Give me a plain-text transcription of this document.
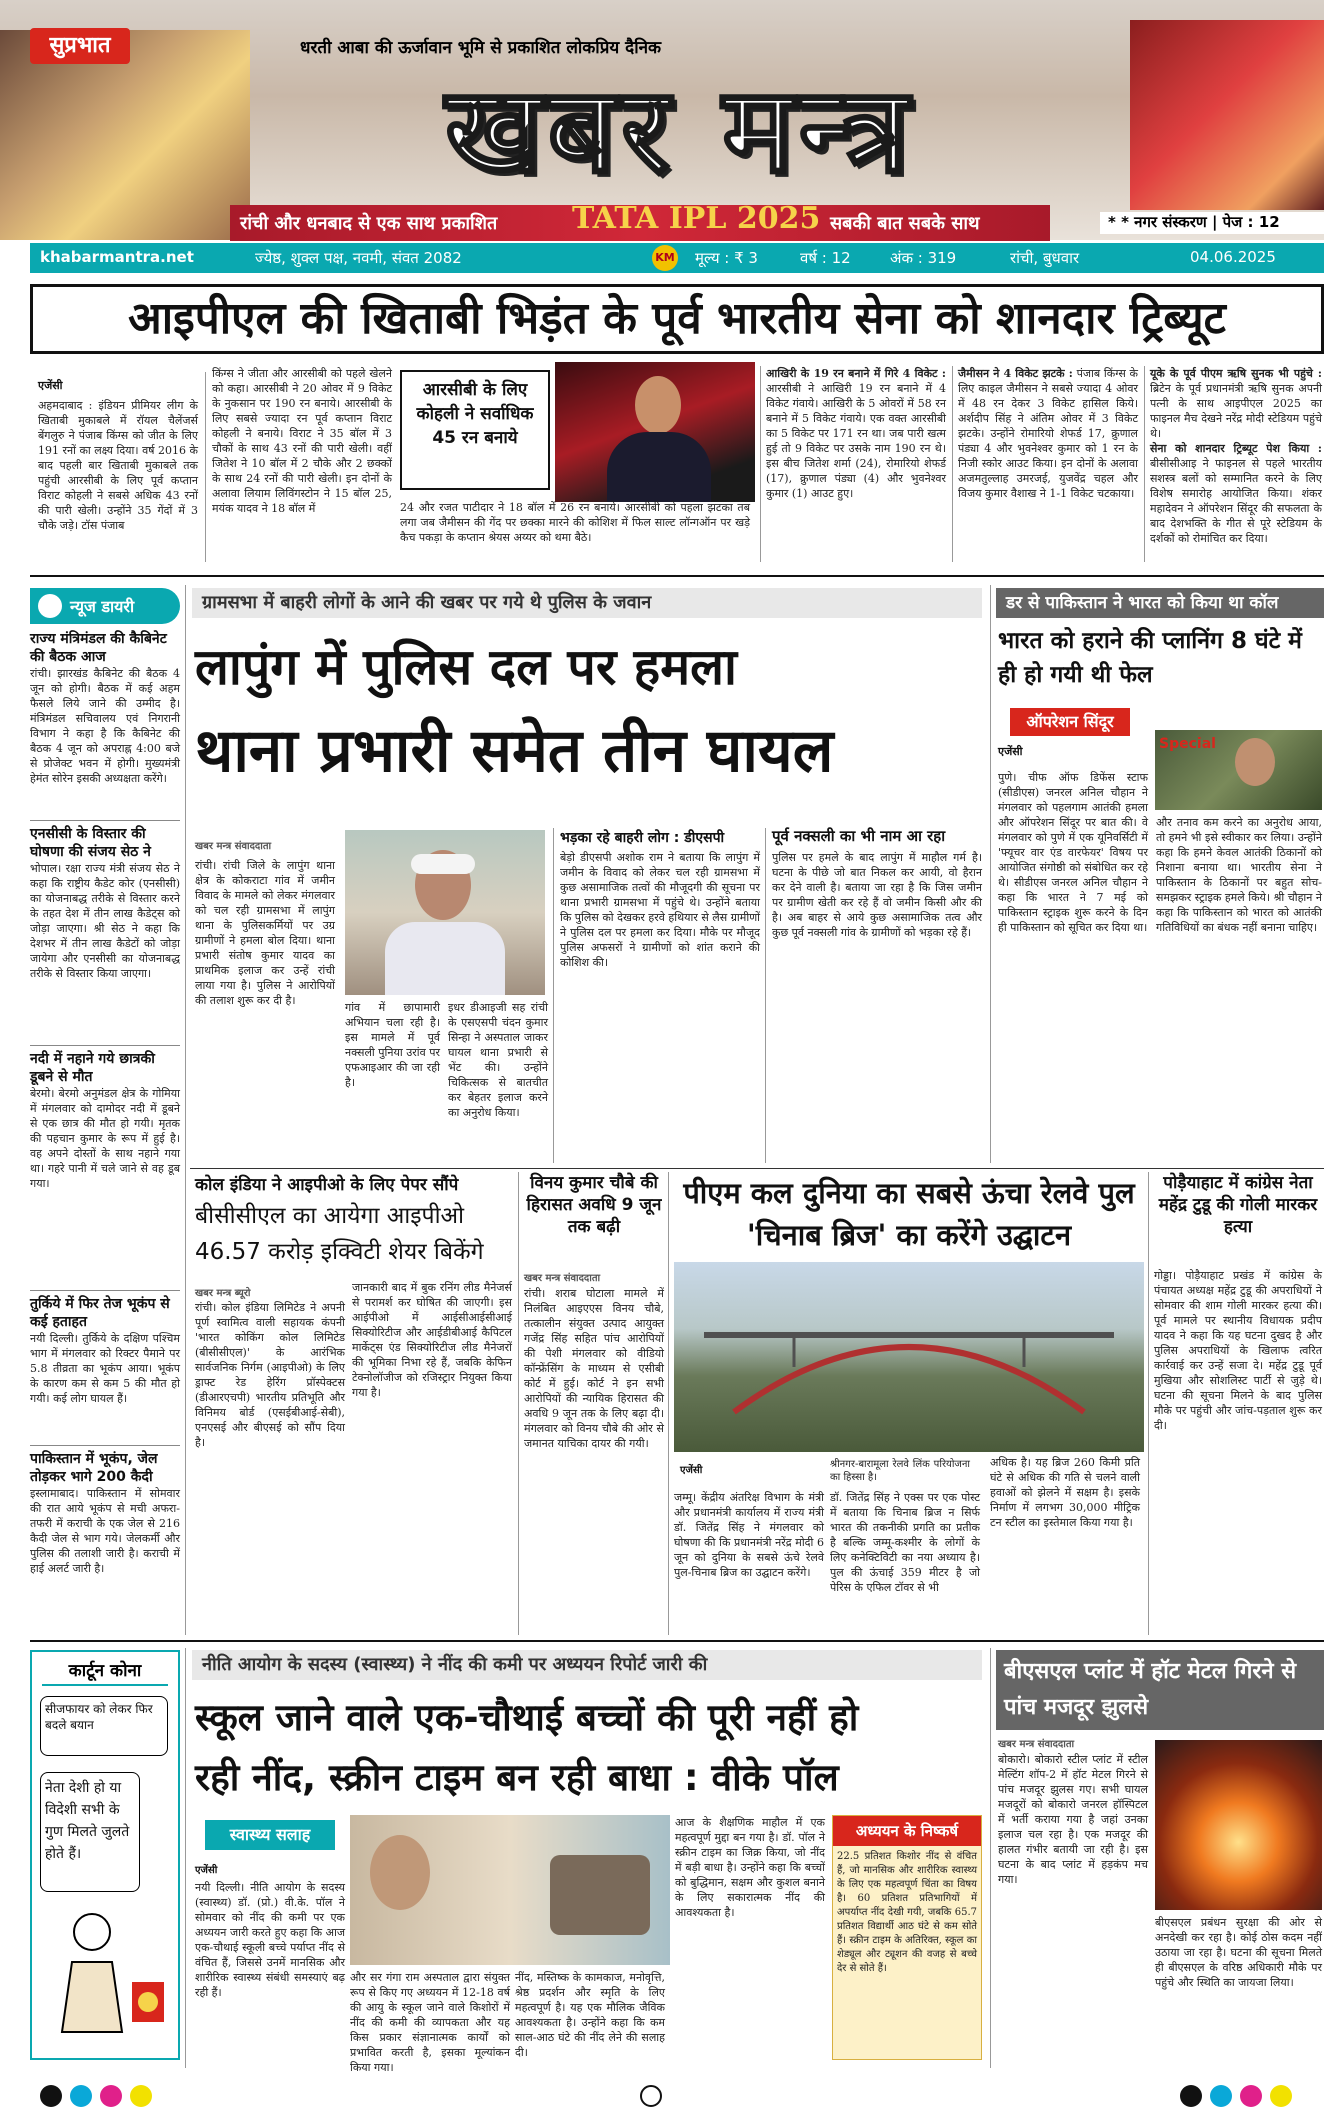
सुप्रभात	धरती आबा की ऊर्जावान भूमि से प्रकाशित लोकप्रिय दैनिक
खबर मन्त्र
रांची और धनबाद से एक साथ प्रकाशित TATA IPL 2025 सबकी बात सबके साथ	* * नगर संस्करण | पेज : 12
khabarmantra.net	ज्येष्ठ, शुक्ल पक्ष, नवमी, संवत 2082	KM मूल्य : ₹ 3	वर्ष : 12	अंक : 319	रांची, बुधवार	04.06.2025
आइपीएल की खिताबी भिड़ंत के पूर्व भारतीय सेना को शानदार ट्रिब्यूट
एजेंसी
अहमदाबाद : इंडियन प्रीमियर लीग के खिताबी मुकाबले में रॉयल चैलेंजर्स बेंगलुरु ने पंजाब किंग्स को जीत के लिए 191 रनों का लक्ष्य दिया। वर्ष 2016 के बाद पहली बार खिताबी मुकाबले तक पहुंची आरसीबी के लिए पूर्व कप्तान विराट कोहली ने सबसे अधिक 43 रनों की पारी खेली। उन्होंने 35 गेंदों में 3 चौके जड़े। टॉस पंजाब
किंग्स ने जीता और आरसीबी को पहले खेलने को कहा। आरसीबी ने 20 ओवर में 9 विकेट के नुकसान पर 190 रन बनाये। आरसीबी के लिए सबसे ज्यादा रन पूर्व कप्तान विराट कोहली ने बनाये। विराट ने 35 बॉल में 3 चौकों के साथ 43 रनों की पारी खेली। वहीं जितेश ने 10 बॉल में 2 चौके और 2 छक्कों के साथ 24 रनों की पारी खेली। इन दोनों के अलावा लियाम लिविंगस्टोन ने 15 बॉल 25, मयंक यादव ने 18 बॉल में
आरसीबी के लिए कोहली ने सर्वाधिक 45 रन बनाये
24 और रजत पाटीदार ने 18 बॉल में 26 रन बनाये। आरसीबी को पहला झटका तब लगा जब जैमीसन की गेंद पर छक्का मारने की कोशिश में फिल साल्ट लॉन्गऑन पर खड़े कैच पकड़ा के कप्तान श्रेयस अय्यर को थमा बैठे।
आखिरी के 19 रन बनाने में गिरे 4 विकेट : आरसीबी ने आखिरी 19 रन बनाने में 4 विकेट गंवाये। आखिरी के 5 ओवरों में 58 रन बनाने में 5 विकेट गंवाये। एक वक्त आरसीबी का 5 विकेट पर 171 रन था। जब पारी खत्म हुई तो 9 विकेट पर उसके नाम 190 रन थे। इस बीच जितेश शर्मा (24), रोमारियो शेफर्ड (17), क्रुणाल पंड्या (4) और भुवनेश्वर कुमार (1) आउट हुए।
जैमीसन ने 4 विकेट झटके : पंजाब किंग्स के लिए काइल जैमीसन ने सबसे ज्यादा 4 ओवर में 48 रन देकर 3 विकेट हासिल किये। अर्शदीप सिंह ने अंतिम ओवर में 3 विकेट झटके। उन्होंने रोमारियो शेफर्ड 17, क्रुणाल पंड्या 4 और भुवनेश्वर कुमार को 1 रन के निजी स्कोर आउट किया। इन दोनों के अलावा अजमतुल्लाह उमरजई, युजवेंद्र चहल और विजय कुमार वैशाख ने 1-1 विकेट चटकाया।
यूके के पूर्व पीएम ऋषि सुनक भी पहुंचे : ब्रिटेन के पूर्व प्रधानमंत्री ऋषि सुनक अपनी पत्नी के साथ आइपीएल 2025 का फाइनल मैच देखने नरेंद्र मोदी स्टेडियम पहुंचे थे।
सेना को शानदार ट्रिब्यूट पेश किया : बीसीसीआइ ने फाइनल से पहले भारतीय सशस्त्र बलों को सम्मानित करने के लिए विशेष समारोह आयोजित किया। शंकर महादेवन ने ऑपरेशन सिंदूर की सफलता के बाद देशभक्ति के गीत से पूरे स्टेडियम के दर्शकों को रोमांचित कर दिया।
न्यूज डायरी
राज्य मंत्रिमंडल की कैबिनेट की बैठक आज
रांची। झारखंड कैबिनेट की बैठक 4 जून को होगी। बैठक में कई अहम फैसले लिये जाने की उम्मीद है। मंत्रिमंडल सचिवालय एवं निगरानी विभाग ने कहा है कि कैबिनेट की बैठक 4 जून को अपराह्न 4:00 बजे से प्रोजेक्ट भवन में होगी। मुख्यमंत्री हेमंत सोरेन इसकी अध्यक्षता करेंगे।
एनसीसी के विस्तार की घोषणा की संजय सेठ ने
भोपाल। रक्षा राज्य मंत्री संजय सेठ ने कहा कि राष्ट्रीय कैडेट कोर (एनसीसी) का योजनाबद्ध तरीके से विस्तार करने के तहत देश में तीन लाख कैडेट्स को जोड़ा जाएगा। श्री सेठ ने कहा कि देशभर में तीन लाख कैडेटों को जोड़ा जायेगा और एनसीसी का योजनाबद्ध तरीके से विस्तार किया जाएगा।
नदी में नहाने गये छात्रकी डूबने से मौत
बेरमो। बेरमो अनुमंडल क्षेत्र के गोमिया में मंगलवार को दामोदर नदी में डूबने से एक छात्र की मौत हो गयी। मृतक की पहचान कुमार के रूप में हुई है। वह अपने दोस्तों के साथ नहाने गया था। गहरे पानी में चले जाने से वह डूब गया।
तुर्किये में फिर तेज भूकंप से कई हताहत
नयी दिल्ली। तुर्किये के दक्षिण पश्चिम भाग में मंगलवार को रिक्टर पैमाने पर 5.8 तीव्रता का भूकंप आया। भूकंप के कारण कम से कम 5 की मौत हो गयी। कई लोग घायल हैं।
पाकिस्तान में भूकंप, जेल तोड़कर भागे 200 कैदी
इस्लामाबाद। पाकिस्तान में सोमवार की रात आये भूकंप से मची अफरा-तफरी में कराची के एक जेल से 216 कैदी जेल से भाग गये। जेलकर्मी और पुलिस की तलाशी जारी है। कराची में हाई अलर्ट जारी है।
ग्रामसभा में बाहरी लोगों के आने की खबर पर गये थे पुलिस के जवान
लापुंग में पुलिस दल पर हमला
थाना प्रभारी समेत तीन घायल
खबर मन्त्र संवाददाता
रांची। रांची जिले के लापुंग थाना क्षेत्र के कोकराटा गांव में जमीन विवाद के मामले को लेकर मंगलवार को चल रही ग्रामसभा में लापुंग थाना के पुलिसकर्मियों पर उग्र ग्रामीणों ने हमला बोल दिया। थाना प्रभारी संतोष कुमार यादव का प्राथमिक इलाज कर उन्हें रांची लाया गया है। पुलिस ने आरोपियों की तलाश शुरू कर दी है।
गांव में छापामारी अभियान चला रही है। इस मामले में पूर्व नक्सली पुनिया उरांव पर एफआइआर की जा रही है।
इधर डीआइजी सह रांची के एसएसपी चंदन कुमार सिन्हा ने अस्पताल जाकर घायल थाना प्रभारी से भेंट की। उन्होंने चिकित्सक से बातचीत कर बेहतर इलाज करने का अनुरोध किया।
भड़का रहे बाहरी लोग : डीएसपी
बेड़ो डीएसपी अशोक राम ने बताया कि लापुंग में जमीन के विवाद को लेकर चल रही ग्रामसभा में कुछ असामाजिक तत्वों की मौजूदगी की सूचना पर थाना प्रभारी ग्रामसभा में पहुंचे थे। उन्होंने बताया कि पुलिस को देखकर हरवे हथियार से लैस ग्रामीणों ने पुलिस दल पर हमला कर दिया। मौके पर मौजूद पुलिस अफसरों ने ग्रामीणों को शांत कराने की कोशिश की।
पूर्व नक्सली का भी नाम आ रहा
पुलिस पर हमले के बाद लापुंग में माहौल गर्म है। घटना के पीछे जो बात निकल कर आयी, वो हैरान कर देने वाली है। बताया जा रहा है कि जिस जमीन पर ग्रामीण खेती कर रहे हैं वो जमीन किसी और की है। अब बाहर से आये कुछ असामाजिक तत्व और कुछ पूर्व नक्सली गांव के ग्रामीणों को भड़का रहे हैं।
डर से पाकिस्तान ने भारत को किया था कॉल
भारत को हराने की प्लानिंग 8 घंटे में ही हो गयी थी फेल
ऑपरेशन सिंदूर
एजेंसी	Special
पुणे। चीफ ऑफ डिफेंस स्टाफ (सीडीएस) जनरल अनिल चौहान ने मंगलवार को पहलगाम आतंकी हमला और ऑपरेशन सिंदूर पर बात की। वे मंगलवार को पुणे में एक यूनिवर्सिटी में 'फ्यूचर वार एंड वारफेयर' विषय पर आयोजित संगोष्ठी को संबोधित कर रहे थे। सीडीएस जनरल अनिल चौहान ने कहा कि भारत ने 7 मई को पाकिस्तान स्ट्राइक शुरू करने के दिन ही पाकिस्तान को सूचित कर दिया था।
और तनाव कम करने का अनुरोध आया, तो हमने भी इसे स्वीकार कर लिया। उन्होंने कहा कि हमने केवल आतंकी ठिकानों को निशाना बनाया था। भारतीय सेना ने पाकिस्तान के ठिकानों पर बहुत सोच-समझकर स्ट्राइक हमले किये। श्री चौहान ने कहा कि पाकिस्तान को भारत को आतंकी गतिविधियों का बंधक नहीं बनाना चाहिए।
कोल इंडिया ने आइपीओ के लिए पेपर सौंपे
बीसीसीएल का आयेगा आइपीओ 46.57 करोड़ इक्विटी शेयर बिकेंगे
खबर मन्त्र ब्यूरो
रांची। कोल इंडिया लिमिटेड ने अपनी पूर्ण स्वामित्व वाली सहायक कंपनी 'भारत कोकिंग कोल लिमिटेड (बीसीसीएल)' के आरंभिक सार्वजनिक निर्गम (आइपीओ) के लिए ड्राफ्ट रेड हेरिंग प्रॉस्पेक्टस (डीआरएचपी) भारतीय प्रतिभूति और विनिमय बोर्ड (एसईबीआई-सेबी), एनएसई और बीएसई को सौंप दिया है।
जानकारी बाद में बुक रनिंग लीड मैनेजर्स से परामर्श कर घोषित की जाएगी। इस आईपीओ में आईसीआईसीआई सिक्योरिटीज और आईडीबीआई कैपिटल मार्केट्स एंड सिक्योरिटीज लीड मैनेजरों की भूमिका निभा रहे हैं, जबकि केफिन टेक्नोलॉजीज को रजिस्ट्रार नियुक्त किया गया है।
विनय कुमार चौबे की हिरासत अवधि 9 जून तक बढ़ी
खबर मन्त्र संवाददाता
रांची। शराब घोटाला मामले में निलंबित आइएएस विनय चौबे, तत्कालीन संयुक्त उत्पाद आयुक्त गजेंद्र सिंह सहित पांच आरोपियों की पेशी मंगलवार को वीडियो कॉन्फ्रेंसिंग के माध्यम से एसीबी कोर्ट में हुई। कोर्ट ने इन सभी आरोपियों की न्यायिक हिरासत की अवधि 9 जून तक के लिए बढ़ा दी। मंगलवार को विनय चौबे की ओर से जमानत याचिका दायर की गयी।
पीएम कल दुनिया का सबसे ऊंचा रेलवे पुल 'चिनाब ब्रिज' का करेंगे उद्घाटन
एजेंसी
श्रीनगर-बारामूला रेलवे लिंक परियोजना का हिस्सा है।
जम्मू। केंद्रीय अंतरिक्ष विभाग के मंत्री और प्रधानमंत्री कार्यालय में राज्य मंत्री डॉ. जितेंद्र सिंह ने मंगलवार को घोषणा की कि प्रधानमंत्री नरेंद्र मोदी 6 जून को दुनिया के सबसे ऊंचे रेलवे पुल-चिनाब ब्रिज का उद्घाटन करेंगे।
डॉ. जितेंद्र सिंह ने एक्स पर एक पोस्ट में बताया कि चिनाब ब्रिज न सिर्फ भारत की तकनीकी प्रगति का प्रतीक है बल्कि जम्मू-कश्मीर के लोगों के लिए कनेक्टिविटी का नया अध्याय है। पुल की ऊंचाई 359 मीटर है जो पेरिस के एफिल टॉवर से भी
अधिक है। यह ब्रिज 260 किमी प्रति घंटे से अधिक की गति से चलने वाली हवाओं को झेलने में सक्षम है। इसके निर्माण में लगभग 30,000 मीट्रिक टन स्टील का इस्तेमाल किया गया है।
पोड़ैयाहाट में कांग्रेस नेता महेंद्र टुडू की गोली मारकर हत्या
गोड्डा। पोड़ैयाहाट प्रखंड में कांग्रेस के पंचायत अध्यक्ष महेंद्र टुडू की अपराधियों ने सोमवार की शाम गोली मारकर हत्या की। पूर्व मामले पर स्थानीय विधायक प्रदीप यादव ने कहा कि यह घटना दुखद है और पुलिस अपराधियों के खिलाफ त्वरित कार्रवाई कर उन्हें सजा दे। महेंद्र टुडू पूर्व मुखिया और सोशलिस्ट पार्टी से जुड़े थे। घटना की सूचना मिलने के बाद पुलिस मौके पर पहुंची और जांच-पड़ताल शुरू कर दी।
कार्टून कोना
सीजफायर को लेकर फिर बदले बयान
नेता देशी हो या विदेशी सभी के गुण मिलते जुलते होते हैं।
नीति आयोग के सदस्य (स्वास्थ्य) ने नींद की कमी पर अध्ययन रिपोर्ट जारी की
स्कूल जाने वाले एक-चौथाई बच्चों की पूरी नहीं हो
रही नींद, स्क्रीन टाइम बन रही बाधा : वीके पॉल
स्वास्थ्य सलाह
एजेंसी
नयी दिल्ली। नीति आयोग के सदस्य (स्वास्थ्य) डॉ. (प्रो.) वी.के. पॉल ने सोमवार को नींद की कमी पर एक अध्ययन जारी करते हुए कहा कि आज एक-चौथाई स्कूली बच्चे पर्याप्त नींद से वंचित हैं, जिससे उनमें मानसिक और शारीरिक स्वास्थ्य संबंधी समस्याएं बढ़ रही हैं।
और सर गंगा राम अस्पताल द्वारा संयुक्त रूप से किए गए अध्ययन में 12-18 वर्ष की आयु के स्कूल जाने वाले किशोरों में नींद की कमी की व्यापकता और यह किस प्रकार संज्ञानात्मक कार्यों को प्रभावित करती है, इसका मूल्यांकन किया गया।
नींद, मस्तिष्क के कामकाज, मनोवृत्ति, श्रेष्ठ प्रदर्शन और स्मृति के लिए महत्वपूर्ण है। यह एक मौलिक जैविक आवश्यकता है। उन्होंने कहा कि कम साल-आठ घंटे की नींद लेने की सलाह दी।
आज के शैक्षणिक माहौल में एक महत्वपूर्ण मुद्दा बन गया है। डॉ. पॉल ने स्क्रीन टाइम का जिक्र किया, जो नींद में बड़ी बाधा है। उन्होंने कहा कि बच्चों को बुद्धिमान, सक्षम और कुशल बनाने के लिए सकारात्मक नींद की आवश्यकता है।
अध्ययन के निष्कर्ष
22.5 प्रतिशत किशोर नींद से वंचित हैं, जो मानसिक और शारीरिक स्वास्थ्य के लिए एक महत्वपूर्ण चिंता का विषय है। 60 प्रतिशत प्रतिभागियों में अपर्याप्त नींद देखी गयी, जबकि 65.7 प्रतिशत विद्यार्थी आठ घंटे से कम सोते हैं। स्क्रीन टाइम के अतिरिक्त, स्कूल का शेड्यूल और ट्यूशन की वजह से बच्चे देर से सोते हैं।
बीएसएल प्लांट में हॉट मेटल गिरने से पांच मजदूर झुलसे
खबर मन्त्र संवाददाता
बोकारो। बोकारो स्टील प्लांट में स्टील मेल्टिंग शॉप-2 में हॉट मेटल गिरने से पांच मजदूर झुलस गए। सभी घायल मजदूरों को बोकारो जनरल हॉस्पिटल में भर्ती कराया गया है जहां उनका इलाज चल रहा है। एक मजदूर की हालत गंभीर बतायी जा रही है। इस घटना के बाद प्लांट में हड़कंप मच गया।
बीएसएल प्रबंधन सुरक्षा की ओर से अनदेखी कर रहा है। कोई ठोस कदम नहीं उठाया जा रहा है। घटना की सूचना मिलते ही बीएसएल के वरिष्ठ अधिकारी मौके पर पहुंचे और स्थिति का जायजा लिया।
